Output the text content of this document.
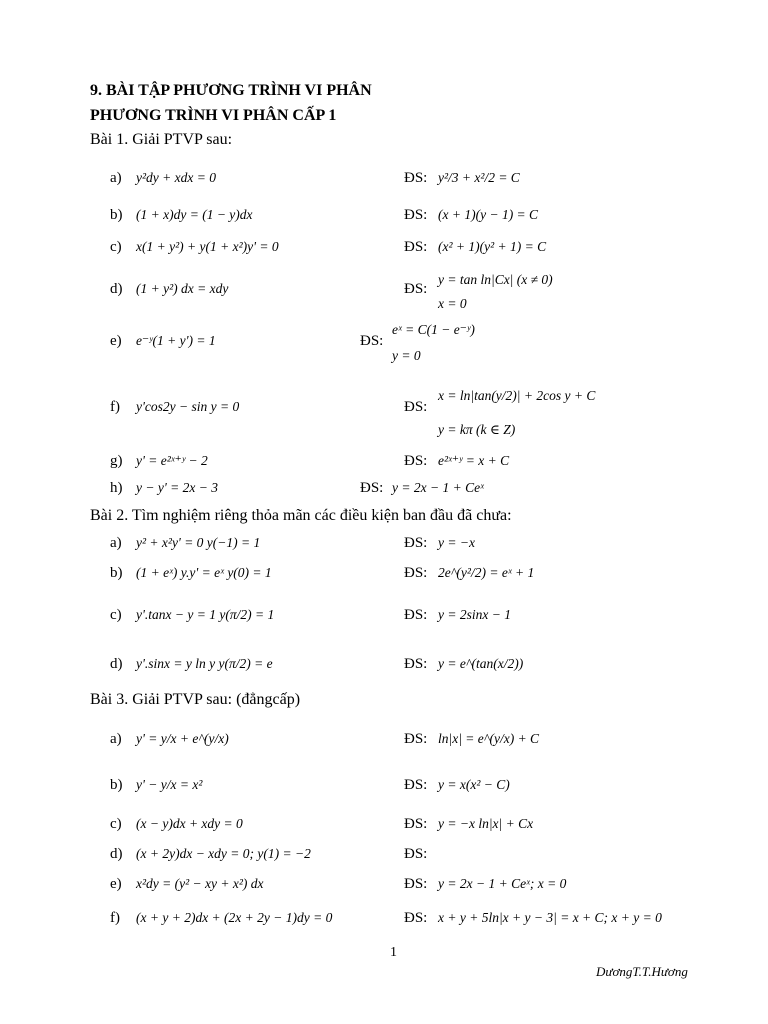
9. BÀI TẬP PHƯƠNG TRÌNH VI PHÂN
PHƯƠNG TRÌNH VI PHÂN CẤP 1
Bài 1. Giải PTVP sau:
a) y²dy + xdx = 0	ĐS: y²/3 + x²/2 = C
b) (1 + x)dy = (1 − y)dx	ĐS: (x + 1)(y − 1) = C
c) x(1 + y²) + y(1 + x²)y' = 0	ĐS: (x² + 1)(y² + 1) = C
d) (1 + y²) dx = xdy	ĐS:
y = tan ln|Cx| (x ≠ 0)
x = 0
e) e⁻ʸ(1 + y') = 1	ĐS:
eˣ = C(1 − e⁻ʸ)
y = 0
f) y'cos2y − sin y = 0	ĐS:
x = ln|tan(y/2)| + 2cos y + C
y = kπ (k ∈ Z)
g) y' = e²ˣ⁺ʸ − 2	ĐS: e²ˣ⁺ʸ = x + C
h) y − y' = 2x − 3	ĐS: y = 2x − 1 + Ceˣ
Bài 2. Tìm nghiệm riêng thỏa mãn các điều kiện ban đầu đã chưa:
a) y² + x²y' = 0 y(−1) = 1	ĐS: y = −x
b) (1 + eˣ) y.y' = eˣ y(0) = 1	ĐS: 2e^(y²/2) = eˣ + 1
c) y'.tanx − y = 1 y(π/2) = 1	ĐS: y = 2sinx − 1
d) y'.sinx = y ln y y(π/2) = e	ĐS: y = e^(tan(x/2))
Bài 3. Giải PTVP sau: (đẳngcấp)
a) y' = y/x + e^(y/x)	ĐS: ln|x| = e^(y/x) + C
b) y' − y/x = x²	ĐS: y = x(x² − C)
c) (x − y)dx + xdy = 0	ĐS: y = −x ln|x| + Cx
d) (x + 2y)dx − xdy = 0; y(1) = −2	ĐS:
e) x²dy = (y² − xy + x²) dx	ĐS: y = 2x − 1 + Ceˣ; x = 0
f) (x + y + 2)dx + (2x + 2y − 1)dy = 0	ĐS: x + y + 5ln|x + y − 3| = x + C; x + y = 0
1
DươngT.T.Hương
